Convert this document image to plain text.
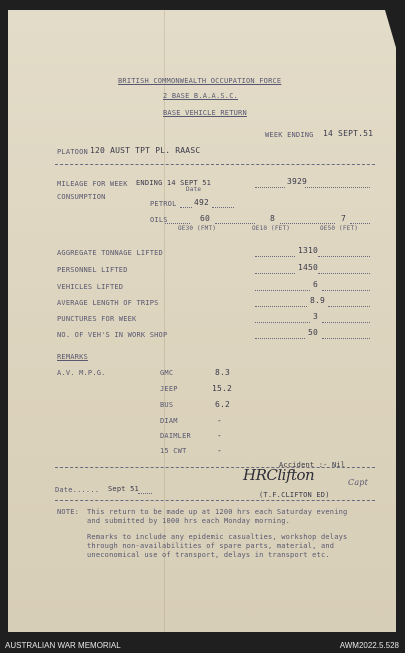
BRITISH COMMONWEALTH OCCUPATION FORCE
2 BASE B.A.A.S.C.
BASE VEHICLE RETURN
WEEK ENDING 14 SEPT.51
PLATOON 120 AUST TPT PL. RAASC
MILEAGE FOR WEEK ENDING 14 SEPT 51	3929
Date
CONSUMPTION
PETROL 492
OILS	60	8	7
OE30 (FMT)	OE10 (FET)	OE50 (FET)
AGGREGATE TONNAGE LIFTED	1310
PERSONNEL LIFTED	1450
VEHICLES LIFTED	6
AVERAGE LENGTH OF TRIPS	8.9
PUNCTURES FOR WEEK	3
NO. OF VEH'S IN WORK SHOP	50
REMARKS
A.V. M.P.G.	GMC	8.3
JEEP	15.2
BUS	6.2
DIAM	-
DAIMLER	-
15 CWT	-
Accident :- Nil
HRClifton
(T.F.CLIFTON ED)
Capt
Date...... Sept 51
NOTE: This return to be made up at 1200 hrs each Saturday evening
and submitted by 1000 hrs each Monday morning.
Remarks to include any epidemic casualties, workshop delays
through non-availabilities of spare parts, material, and
uneconomical use of transport, delays in transport etc.
AUSTRALIAN WAR MEMORIAL	AWM2022.5.528
